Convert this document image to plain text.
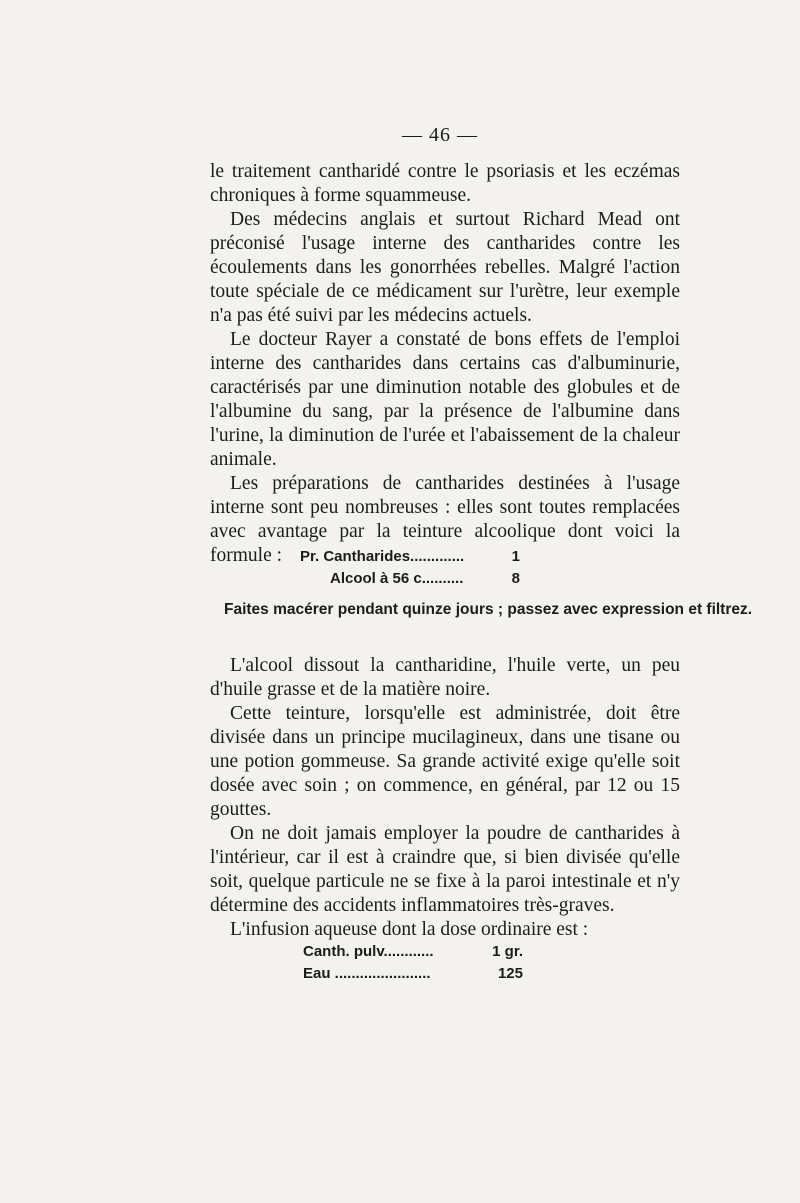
— 46 —

le traitement cantharidé contre le psoriasis et les eczémas chroniques à forme squammeuse.

Des médecins anglais et surtout Richard Mead ont préconisé l'usage interne des cantharides contre les écoulements dans les gonorrhées rebelles. Malgré l'action toute spéciale de ce médicament sur l'urètre, leur exemple n'a pas été suivi par les médecins actuels.

Le docteur Rayer a constaté de bons effets de l'emploi interne des cantharides dans certains cas d'albuminurie, caractérisés par une diminution notable des globules et de l'albumine du sang, par la présence de l'albumine dans l'urine, la diminution de l'urée et l'abaissement de la chaleur animale.

Les préparations de cantharides destinées à l'usage interne sont peu nombreuses : elles sont toutes remplacées avec avantage par la teinture alcoolique dont voici la formule :	Pr. Cantharides.............	1
Alcool à 56 c..........	8
Faites macérer pendant quinze jours ; passez avec expression et filtrez.

L'alcool dissout la cantharidine, l'huile verte, un peu d'huile grasse et de la matière noire.

Cette teinture, lorsqu'elle est administrée, doit être divisée dans un principe mucilagineux, dans une tisane ou une potion gommeuse. Sa grande activité exige qu'elle soit dosée avec soin ; on commence, en général, par 12 ou 15 gouttes.

On ne doit jamais employer la poudre de cantharides à l'intérieur, car il est à craindre que, si bien divisée qu'elle soit, quelque particule ne se fixe à la paroi intestinale et n'y détermine des accidents inflammatoires très-graves.

L'infusion aqueuse dont la dose ordinaire est :

Canth. pulv............	1 gr.
Eau .......................	125
